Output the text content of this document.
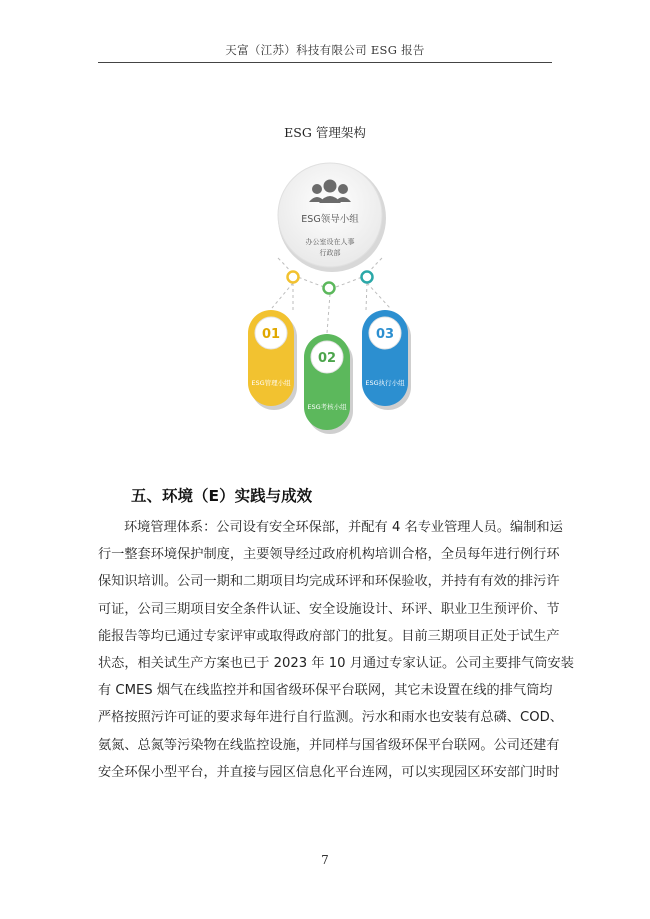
天富（江苏）科技有限公司 ESG 报告
ESG 管理架构
ESG领导小组
办公室设在人事
行政部
01
ESG管理小组
02
ESG考核小组
03
ESG执行小组
五、环境（E）实践与成效
环境管理体系：公司设有安全环保部，并配有 4 名专业管理人员。编制和运
行一整套环境保护制度，主要领导经过政府机构培训合格，全员每年进行例行环
保知识培训。公司一期和二期项目均完成环评和环保验收，并持有有效的排污许
可证，公司三期项目安全条件认证、安全设施设计、环评、职业卫生预评价、节
能报告等均已通过专家评审或取得政府部门的批复。目前三期项目正处于试生产
状态，相关试生产方案也已于 2023 年 10 月通过专家认证。公司主要排气筒安装
有 CMES 烟气在线监控并和国省级环保平台联网，其它未设置在线的排气筒均
严格按照污许可证的要求每年进行自行监测。污水和雨水也安装有总磷、COD、
氨氮、总氮等污染物在线监控设施，并同样与国省级环保平台联网。公司还建有
安全环保小型平台，并直接与园区信息化平台连网，可以实现园区环安部门时时
7
